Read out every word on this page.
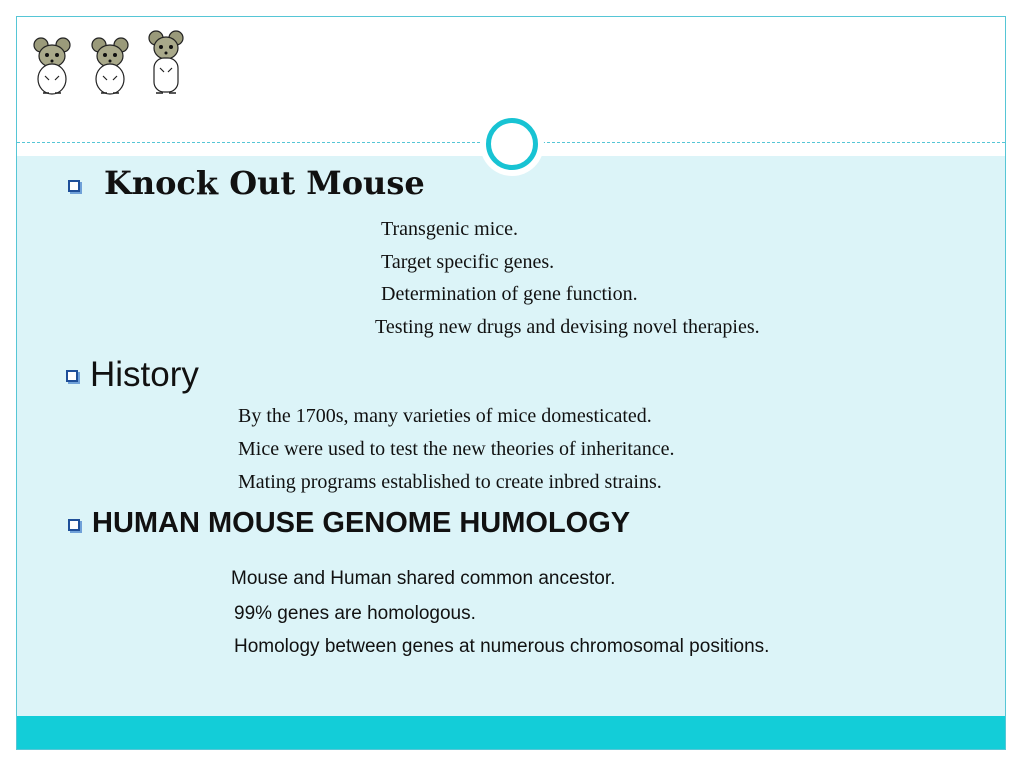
Knock Out Mouse
Transgenic mice.
Target specific genes.
Determination of gene function.
Testing new drugs and devising novel therapies.
History
By the 1700s, many varieties of mice domesticated.
Mice were used to test the new theories of inheritance.
Mating programs established to create inbred strains.
HUMAN MOUSE GENOME HUMOLOGY
Mouse and Human shared common ancestor.
99% genes are homologous.
Homology between genes at numerous chromosomal positions.
